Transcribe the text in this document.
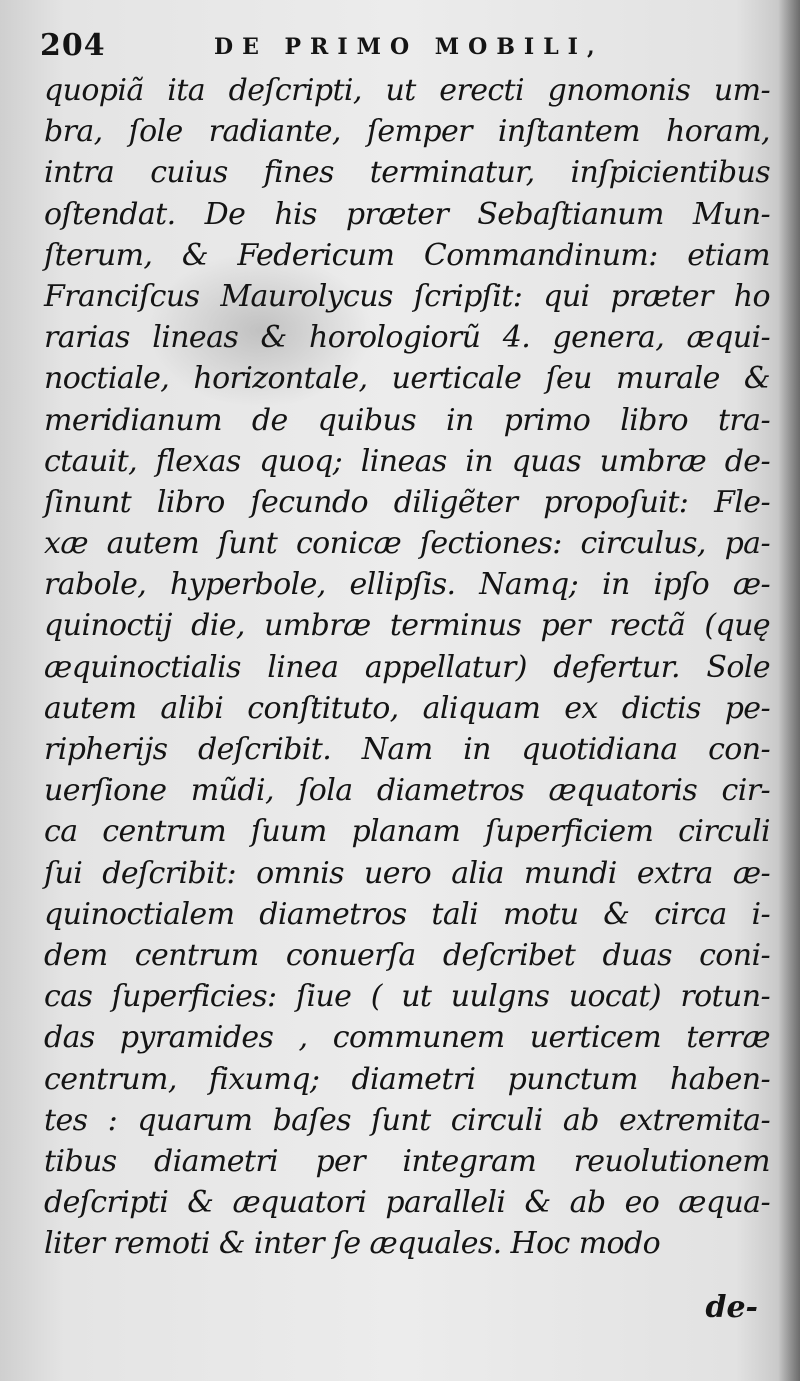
204	DE PRIMO MOBILI,
quopiã ita deſcripti, ut erecti gnomonis um-
bra, ſole radiante, ſemper inſtantem horam,
intra cuius fines terminatur, inſpicientibus
oſtendat. De his præter Sebaſtianum Mun-
ſterum, & Federicum Commandinum: etiam
Franciſcus Maurolycus ſcripſit: qui præter ho
rarias lineas & horologiorũ 4. genera, æqui-
noctiale, horizontale, uerticale ſeu murale &
meridianum de quibus in primo libro tra-
ctauit, flexas quoq; lineas in quas umbræ de-
ſinunt libro ſecundo diligẽter propoſuit: Fle-
xæ autem ſunt conicæ ſectiones: circulus, pa-
rabole, hyperbole, ellipſis. Namq; in ipſo æ-
quinoctij die, umbræ terminus per rectã (quę
æquinoctialis linea appellatur) defertur. Sole
autem alibi conſtituto, aliquam ex dictis pe-
ripherijs deſcribit. Nam in quotidiana con-
uerſione mũdi, ſola diametros æquatoris cir-
ca centrum ſuum planam ſuperficiem circuli
ſui deſcribit: omnis uero alia mundi extra æ-
quinoctialem diametros tali motu & circa i-
dem centrum conuerſa deſcribet duas coni-
cas ſuperficies: ſiue ( ut uulgns uocat) rotun-
das pyramides , communem uerticem terræ
centrum, fixumq; diametri punctum haben-
tes : quarum baſes ſunt circuli ab extremita-
tibus diametri per integram reuolutionem
deſcripti & æquatori paralleli & ab eo æqua-
liter remoti & inter ſe æquales. Hoc modo
de-
